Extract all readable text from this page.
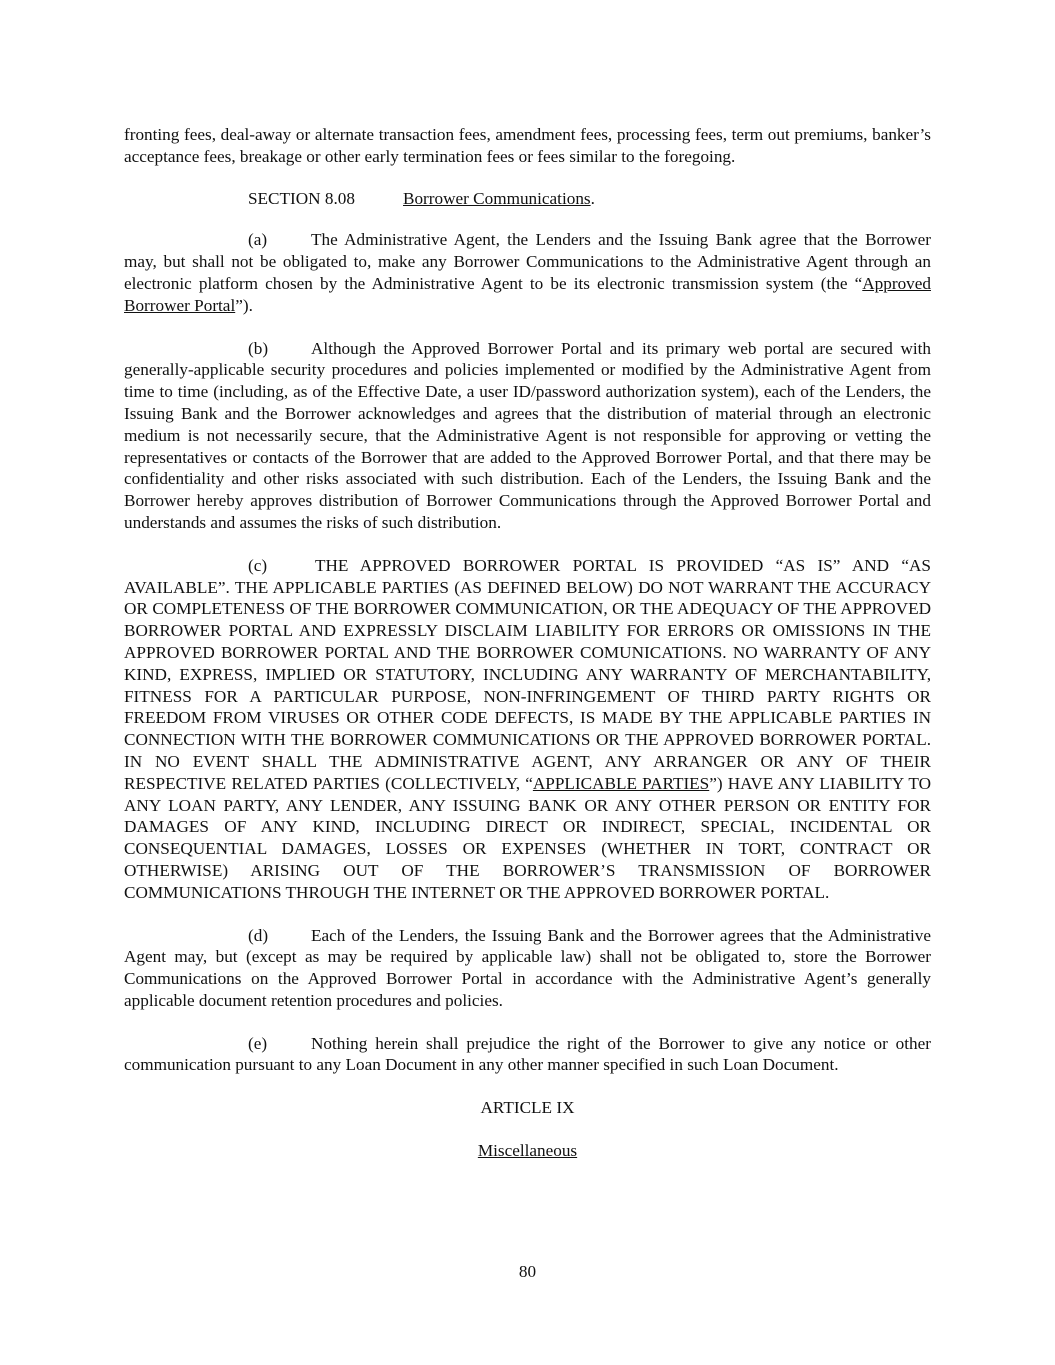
fronting fees, deal-away or alternate transaction fees, amendment fees, processing fees, term out premiums, banker’s acceptance fees, breakage or other early termination fees or fees similar to the foregoing.

SECTION 8.08	Borrower Communications.

(a)	The Administrative Agent, the Lenders and the Issuing Bank agree that the Borrower may, but shall not be obligated to, make any Borrower Communications to the Administrative Agent through an electronic platform chosen by the Administrative Agent to be its electronic transmission system (the “Approved Borrower Portal”).

(b) Although the Approved Borrower Portal and its primary web portal are secured with generally-applicable security procedures and policies implemented or modified by the Administrative Agent from time to time (including, as of the Effective Date, a user ID/password authorization system), each of the Lenders, the Issuing Bank and the Borrower acknowledges and agrees that the distribution of material through an electronic medium is not necessarily secure, that the Administrative Agent is not responsible for approving or vetting the representatives or contacts of the Borrower that are added to the Approved Borrower Portal, and that there may be confidentiality and other risks associated with such distribution. Each of the Lenders, the Issuing Bank and the Borrower hereby approves distribution of Borrower Communications through the Approved Borrower Portal and understands and assumes the risks of such distribution.

(c)	THE APPROVED BORROWER PORTAL IS PROVIDED “AS IS” AND “AS AVAILABLE”. THE APPLICABLE PARTIES (AS DEFINED BELOW) DO NOT WARRANT THE ACCURACY OR COMPLETENESS OF THE BORROWER COMMUNICATION, OR THE ADEQUACY OF THE APPROVED BORROWER PORTAL AND EXPRESSLY DISCLAIM LIABILITY FOR ERRORS OR OMISSIONS IN THE APPROVED BORROWER PORTAL AND THE BORROWER COMUNICATIONS. NO WARRANTY OF ANY KIND, EXPRESS, IMPLIED OR STATUTORY, INCLUDING ANY WARRANTY OF MERCHANTABILITY, FITNESS FOR A PARTICULAR PURPOSE, NON-INFRINGEMENT OF THIRD PARTY RIGHTS OR FREEDOM FROM VIRUSES OR OTHER CODE DEFECTS, IS MADE BY THE APPLICABLE PARTIES IN CONNECTION WITH THE BORROWER COMMUNICATIONS OR THE APPROVED BORROWER PORTAL. IN NO EVENT SHALL THE ADMINISTRATIVE AGENT, ANY ARRANGER OR ANY OF THEIR RESPECTIVE RELATED PARTIES (COLLECTIVELY, “APPLICABLE PARTIES”) HAVE ANY LIABILITY TO ANY LOAN PARTY, ANY LENDER, ANY ISSUING BANK OR ANY OTHER PERSON OR ENTITY FOR DAMAGES OF ANY KIND, INCLUDING DIRECT OR INDIRECT, SPECIAL, INCIDENTAL OR CONSEQUENTIAL DAMAGES, LOSSES OR EXPENSES (WHETHER IN TORT, CONTRACT OR OTHERWISE) ARISING OUT OF THE BORROWER’S TRANSMISSION OF BORROWER COMMUNICATIONS THROUGH THE INTERNET OR THE APPROVED BORROWER PORTAL.

(d) Each of the Lenders, the Issuing Bank and the Borrower agrees that the Administrative Agent may, but (except as may be required by applicable law) shall not be obligated to, store the Borrower Communications on the Approved Borrower Portal in accordance with the Administrative Agent’s generally applicable document retention procedures and policies.

(e)	Nothing herein shall prejudice the right of the Borrower to give any notice or other communication pursuant to any Loan Document in any other manner specified in such Loan Document.

ARTICLE IX

Miscellaneous

80
